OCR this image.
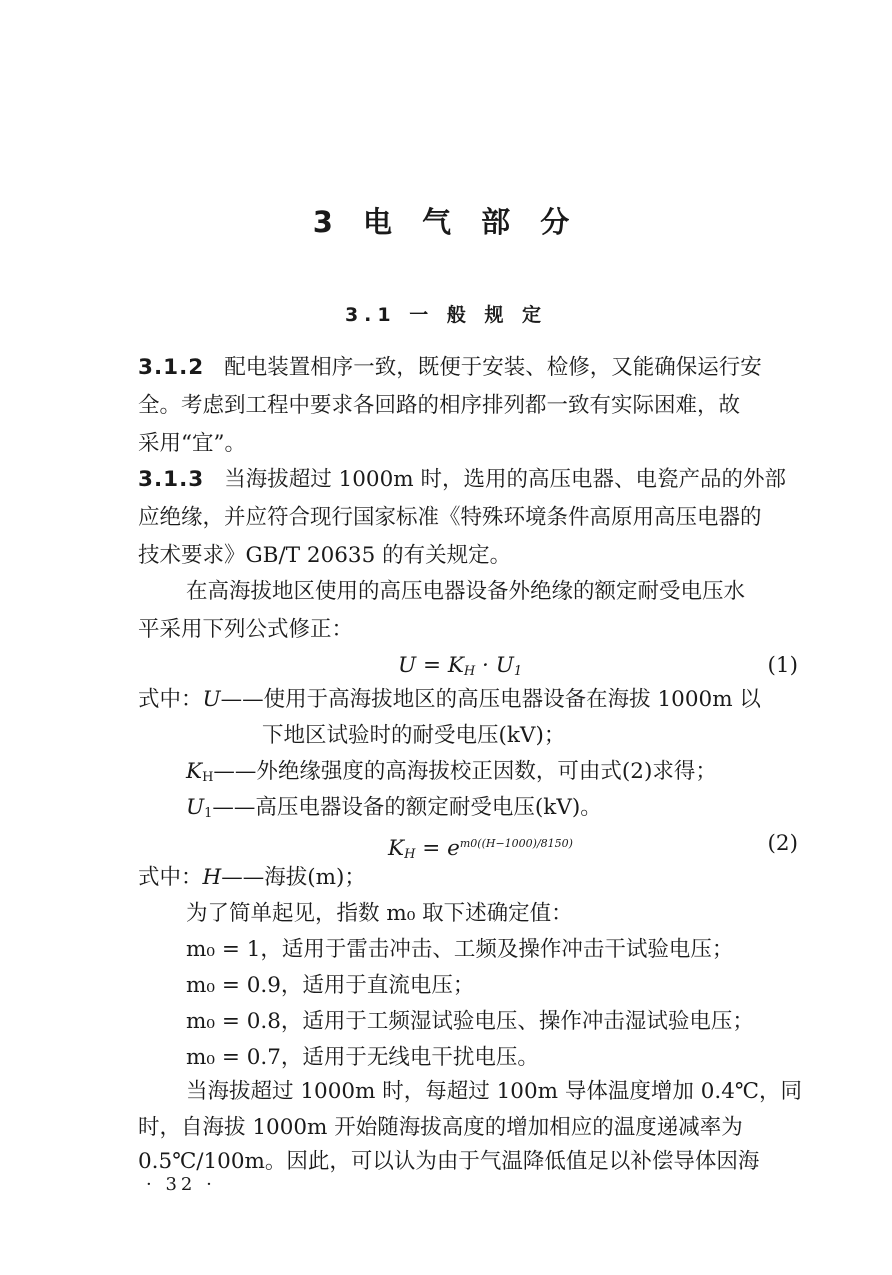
3 电 气 部 分
3.1 一 般 规 定
3.1.2 配电装置相序一致，既便于安装、检修，又能确保运行安
全。考虑到工程中要求各回路的相序排列都一致有实际困难，故
采用“宜”。
3.1.3 当海拔超过 1000m 时，选用的高压电器、电瓷产品的外部
应绝缘，并应符合现行国家标准《特殊环境条件高原用高压电器的
技术要求》GB/T 20635 的有关规定。
在高海拔地区使用的高压电器设备外绝缘的额定耐受电压水
平采用下列公式修正：
$U = K_H \cdot U_1$	(1)
式中：U——使用于高海拔地区的高压电器设备在海拔 1000m 以
下地区试验时的耐受电压(kV)；
$K_H——$外绝缘强度的高海拔校正因数，可由式(2)求得；
$U_1——$高压电器设备的额定耐受电压(kV)。
$K_H = e^{m0((H-1000)/8150)}$	(2)
式中：H——海拔(m)；
为了简单起见，指数 m₀ 取下述确定值：
m₀ = 1，适用于雷击冲击、工频及操作冲击干试验电压；
m₀ = 0.9，适用于直流电压；
m₀ = 0.8，适用于工频湿试验电压、操作冲击湿试验电压；
m₀ = 0.7，适用于无线电干扰电压。
当海拔超过 1000m 时，每超过 100m 导体温度增加 0.4℃，同
时，自海拔 1000m 开始随海拔高度的增加相应的温度递减率为
0.5℃/100m。因此，可以认为由于气温降低值足以补偿导体因海
· 32 ·
